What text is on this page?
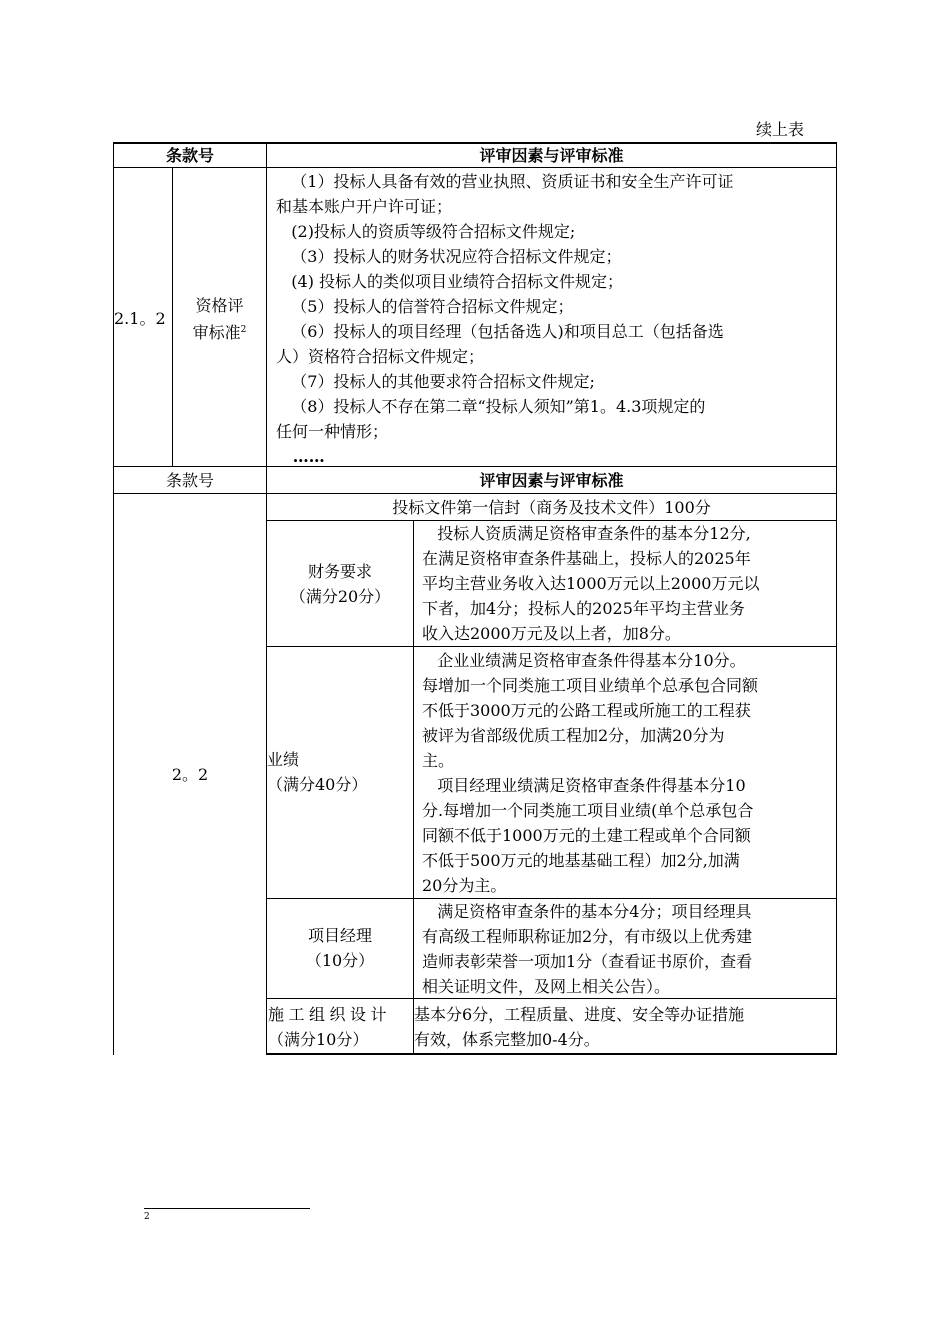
续上表
条款号	评审因素与评审标准
2.1。2
资格评
审标准$^2$

（1）投标人具备有效的营业执照、资质证书和安全生产许可证

和基本账户开户许可证；

(2)投标人的资质等级符合招标文件规定;

（3）投标人的财务状况应符合招标文件规定；

(4) 投标人的类似项目业绩符合招标文件规定；

（5）投标人的信誉符合招标文件规定；

（6）投标人的项目经理（包括备选人)和项目总工（包括备选

人）资格符合招标文件规定；

（7）投标人的其他要求符合招标文件规定;

（8）投标人不存在第二章“投标人须知”第1。4.3项规定的

任何一种情形；

……

条款号	评审因素与评审标准
2。2
投标文件第一信封（商务及技术文件）100分
财务要求
（满分20分）

投标人资质满足资格审查条件的基本分12分,

在满足资格审查条件基础上，投标人的2025年

平均主营业务收入达1000万元以上2000万元以

下者，加4分；投标人的2025年平均主营业务

收入达2000万元及以上者，加8分。

业绩
（满分40分）

企业业绩满足资格审查条件得基本分10分。

每增加一个同类施工项目业绩单个总承包合同额

不低于3000万元的公路工程或所施工的工程获

被评为省部级优质工程加2分，加满20分为

主。

项目经理业绩满足资格审查条件得基本分10

分.每增加一个同类施工项目业绩(单个总承包合

同额不低于1000万元的土建工程或单个合同额

不低于500万元的地基基础工程）加2分,加满

20分为主。

项目经理
（10分）

满足资格审查条件的基本分4分；项目经理具

有高级工程师职称证加2分，有市级以上优秀建

造师表彰荣誉一项加1分（查看证书原价，查看

相关证明文件，及网上相关公告）。

施工组织设计
（满分10分）

基本分6分，工程质量、进度、安全等办证措施

有效，体系完整加0-4分。

2
